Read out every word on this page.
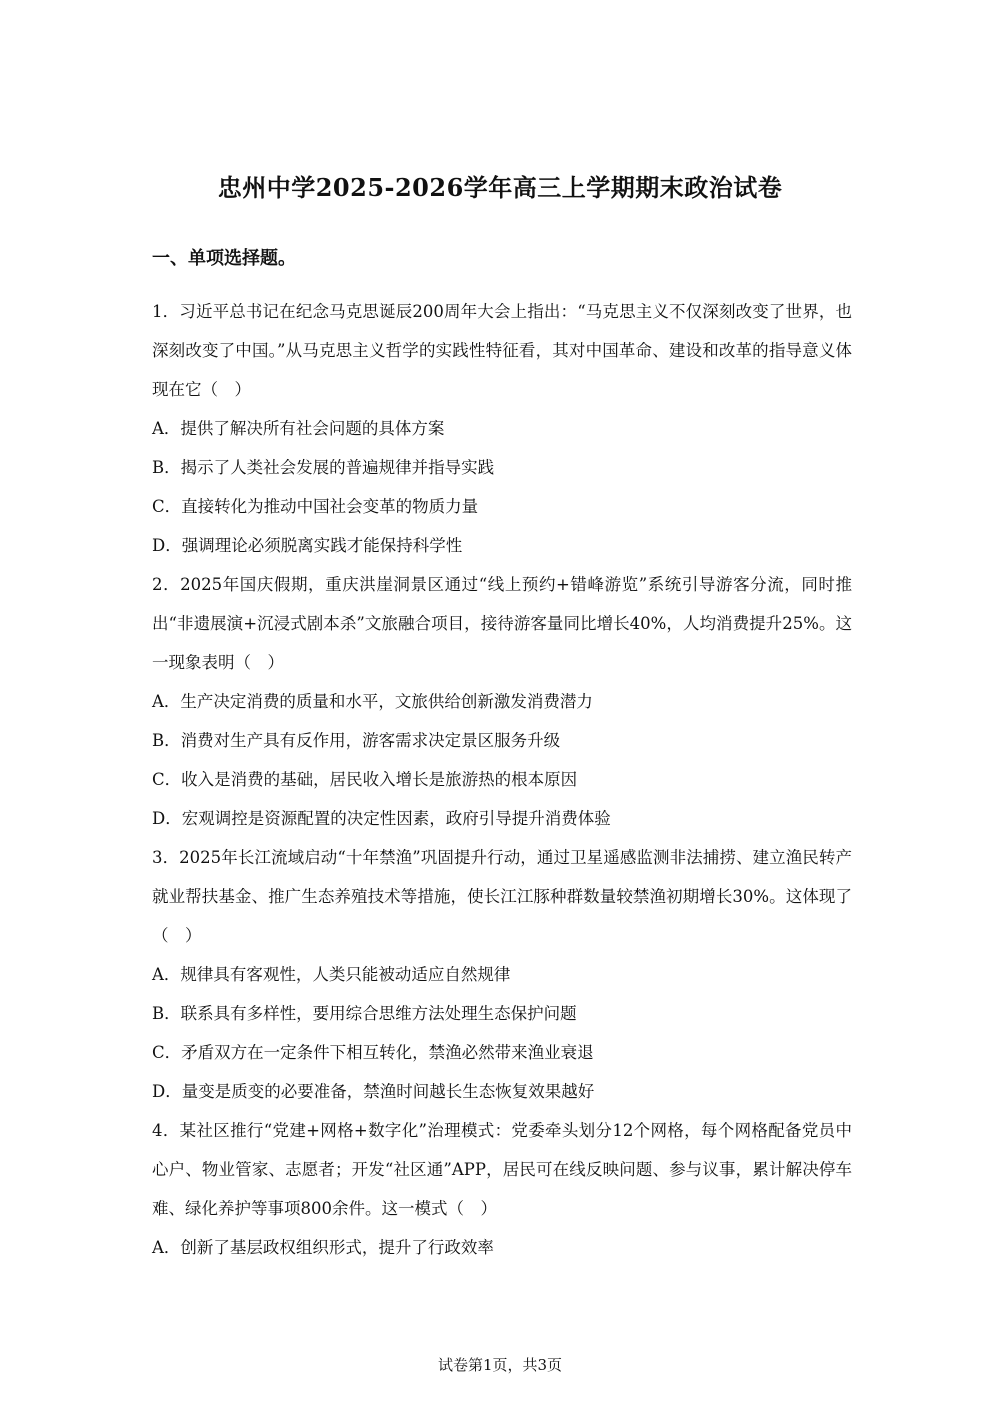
忠州中学2025-2026学年高三上学期期末政治试卷
一、单项选择题。

1．习近平总书记在纪念马克思诞辰200周年大会上指出：“马克思主义不仅深刻改变了世界，也深刻改变了中国。”从马克思主义哲学的实践性特征看，其对中国革命、建设和改革的指导意义体现在它（　）

A．提供了解决所有社会问题的具体方案

B．揭示了人类社会发展的普遍规律并指导实践

C．直接转化为推动中国社会变革的物质力量

D．强调理论必须脱离实践才能保持科学性

2．2025年国庆假期，重庆洪崖洞景区通过“线上预约+错峰游览”系统引导游客分流，同时推出“非遗展演+沉浸式剧本杀”文旅融合项目，接待游客量同比增长40%，人均消费提升25%。这一现象表明（　）

A．生产决定消费的质量和水平，文旅供给创新激发消费潜力

B．消费对生产具有反作用，游客需求决定景区服务升级

C．收入是消费的基础，居民收入增长是旅游热的根本原因

D．宏观调控是资源配置的决定性因素，政府引导提升消费体验

3．2025年长江流域启动“十年禁渔”巩固提升行动，通过卫星遥感监测非法捕捞、建立渔民转产就业帮扶基金、推广生态养殖技术等措施，使长江江豚种群数量较禁渔初期增长30%。这体现了（　）

A．规律具有客观性，人类只能被动适应自然规律

B．联系具有多样性，要用综合思维方法处理生态保护问题

C．矛盾双方在一定条件下相互转化，禁渔必然带来渔业衰退

D．量变是质变的必要准备，禁渔时间越长生态恢复效果越好

4．某社区推行“党建+网格+数字化”治理模式：党委牵头划分12个网格，每个网格配备党员中心户、物业管家、志愿者；开发“社区通”APP，居民可在线反映问题、参与议事，累计解决停车难、绿化养护等事项800余件。这一模式（　）

A．创新了基层政权组织形式，提升了行政效率

试卷第1页，共3页
